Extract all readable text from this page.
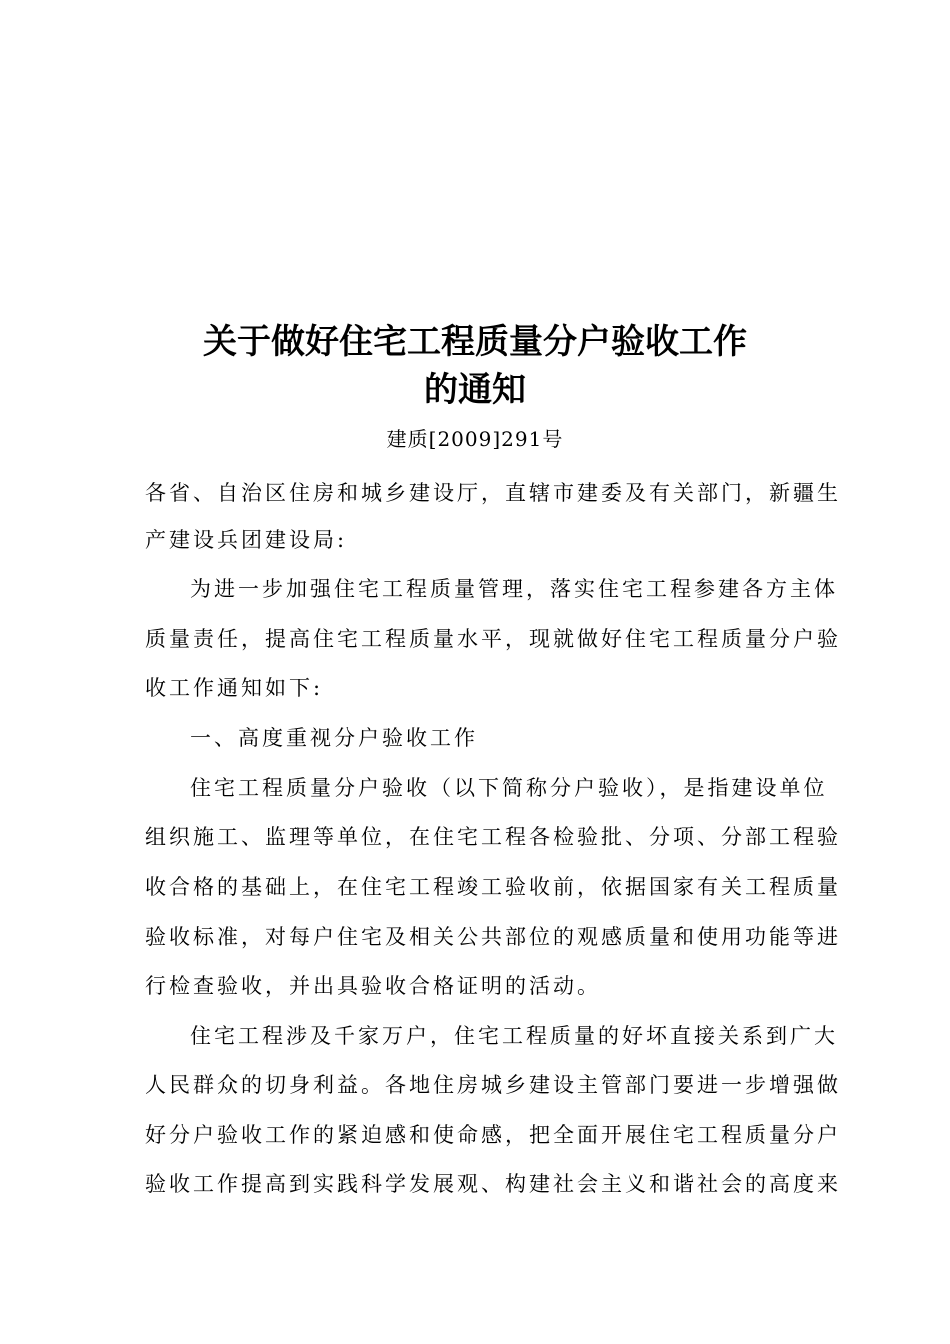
关于做好住宅工程质量分户验收工作
的通知
建质[2009]291号
各省、自治区住房和城乡建设厅，直辖市建委及有关部门，新疆生
产建设兵团建设局:
为进一步加强住宅工程质量管理，落实住宅工程参建各方主体
质量责任，提高住宅工程质量水平，现就做好住宅工程质量分户验
收工作通知如下:
一、高度重视分户验收工作
住宅工程质量分户验收（以下简称分户验收），是指建设单位
组织施工、监理等单位，在住宅工程各检验批、分项、分部工程验
收合格的基础上，在住宅工程竣工验收前，依据国家有关工程质量
验收标准，对每户住宅及相关公共部位的观感质量和使用功能等进
行检查验收，并出具验收合格证明的活动。
住宅工程涉及千家万户，住宅工程质量的好坏直接关系到广大
人民群众的切身利益。各地住房城乡建设主管部门要进一步增强做
好分户验收工作的紧迫感和使命感，把全面开展住宅工程质量分户
验收工作提高到实践科学发展观、构建社会主义和谐社会的高度来
